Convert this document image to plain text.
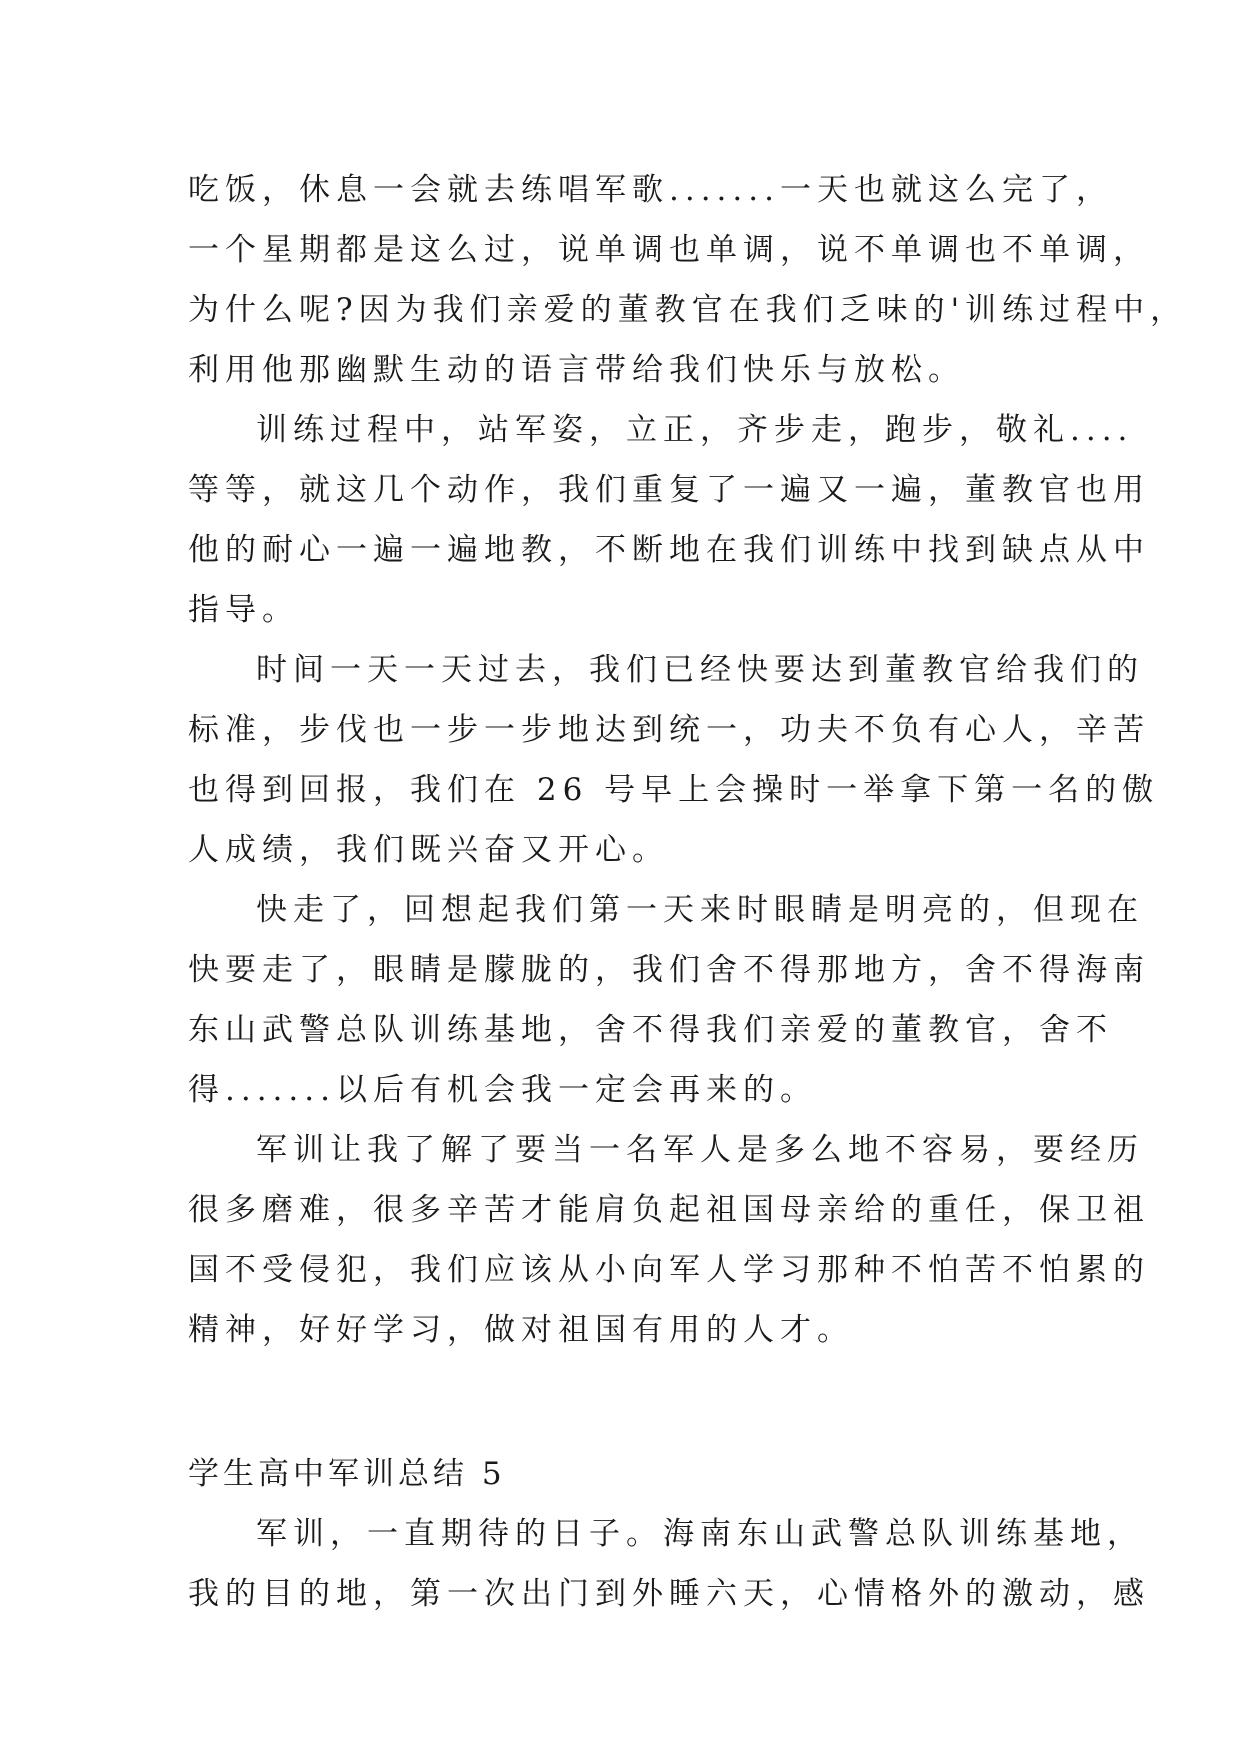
吃饭，休息一会就去练唱军歌.......一天也就这么完了，
一个星期都是这么过，说单调也单调，说不单调也不单调，
为什么呢?因为我们亲爱的董教官在我们乏味的'训练过程中，
利用他那幽默生动的语言带给我们快乐与放松。
训练过程中，站军姿，立正，齐步走，跑步，敬礼....
等等，就这几个动作，我们重复了一遍又一遍，董教官也用
他的耐心一遍一遍地教，不断地在我们训练中找到缺点从中
指导。
时间一天一天过去，我们已经快要达到董教官给我们的
标准，步伐也一步一步地达到统一，功夫不负有心人，辛苦
也得到回报，我们在 26 号早上会操时一举拿下第一名的傲
人成绩，我们既兴奋又开心。
快走了，回想起我们第一天来时眼睛是明亮的，但现在
快要走了，眼睛是朦胧的，我们舍不得那地方，舍不得海南
东山武警总队训练基地，舍不得我们亲爱的董教官，舍不
得.......以后有机会我一定会再来的。
军训让我了解了要当一名军人是多么地不容易，要经历
很多磨难，很多辛苦才能肩负起祖国母亲给的重任，保卫祖
国不受侵犯，我们应该从小向军人学习那种不怕苦不怕累的
精神，好好学习，做对祖国有用的人才。
学生高中军训总结 5
军训，一直期待的日子。海南东山武警总队训练基地，
我的目的地，第一次出门到外睡六天，心情格外的激动，感
